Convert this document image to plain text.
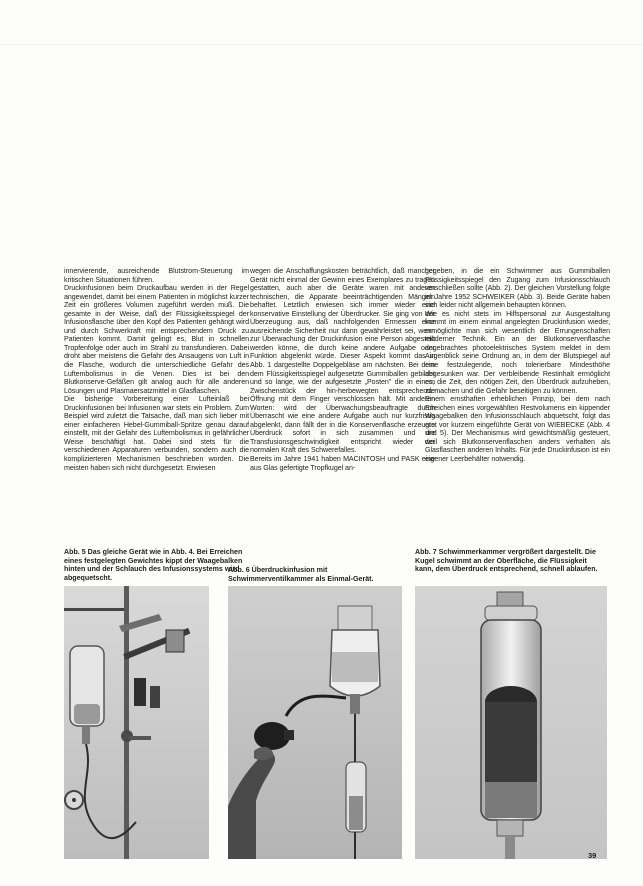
innervierende, ausreichende Blutstrom-Steuerung im kritischen Situationen führen.
Druckinfusionen beim Druckaufbau werden in der Regel angewendet, damit bei einem Patienten in möglichst kurzer Zeit ein größeres Volumen zugeführt werden muß. Die gesamte in der Weise, daß der Flüssigkeitsspiegel der Infusionsflasche über den Kopf des Patienten gehängt wird und durch Schwerkraft mit entsprechendem Druck zu Patienten kommt. Damit gelingt es, Blut in schnellen Tropfenfolge oder auch im Strahl zu transfundieren. Dabei droht aber meistens die Gefahr des Ansaugens von Luft in die Flasche, wodurch die unterschiedliche Gefahr des Luftembolismus in die Venen. Dies ist bei den Blutkonserve-Gefäßen gilt analog auch für alle anderen Lösungen und Plasmaersatzmittel in Glasflaschen.
Die bisherige Vorbereitung einer Lufteinlaß bei Druckinfusionen bei Infusionen war stets ein Problem. Zum Beispiel wird zuletzt die Tatsache, daß man sich lieber mit einer einfacheren Hebel-Gummiball-Spritze genau darauf einstellt, mit der Gefahr des Luftembolismus in gefährlicher Weise beschäftigt hat. Dabei sind stets für die verschiedenen Apparaturen verbunden, sondern auch die komplizierteren Mechanismen beschrieben worden. Die meisten haben sich nicht durchgesetzt. Erwiesen
wegen die Anschaffungskosten beträchtlich, daß mancher Gerät nicht einmal der Gewinn eines Exemplares zu tragen gestatten, auch aber die Geräte waren mit anderen technischen, die Apparate beeinträchtigenden Mängeln behaftet. Letztlich erwiesen sich immer wieder eine konservative Einstellung der Überdrucker. Sie ging von der Überzeugung aus, daß nachfolgenden Ermessen eine ausreichende Sicherheit nur dann gewährleistet sei, wenn zur Überwachung der Druckinfusion eine Person abgestellt werden könne, die durch keine andere Aufgabe oder Funktion abgelenkt würde. Dieser Aspekt kommt das in Abb. 1 dargestellte Doppelgebläse am nächsten. Bei dem dem Flüssigkeitsspiegel aufgesetzte Gummiballen gebildet und so lange, wie der aufgesetzte „Posten" die in einem Zwischenstück der hin-herbewegten entsprechende Öffnung mit dem Finger verschlossen hält. Mit anderen Worten: wird der Überwachungsbeauftragte durch Überrascht wie eine andere Aufgabe auch nur kurzfristig abgelenkt, dann fällt der in die Konservenflasche erzeugte Überdruck sofort in sich zusammen und die Transfusionsgeschwindigkeit entspricht wieder der normalen Kraft des Schwerefalles.
Bereits im Jahre 1941 haben MACINTOSH und PASK eine aus Glas gefertigte Tropfkugel an-
gegeben, in die ein Schwimmer aus Gummiballen Flüssigkeitsspiegel den Zugang zum Infusionsschlauch verschließen sollte (Abb. 2). Der gleichen Vorstellung folgte im Jahre 1952 SCHWEIKER (Abb. 3). Beide Geräte haben sich leider nicht allgemein behaupten können.
Wie es nicht stets im Hilfspersonal zur Ausgestaltung kommt im einem einmal angelegten Druckinfusion wieder, ermöglichte man sich wesentlich der Errungenschaften moderner Technik. Ein an der Blutkonservenflasche angebrachtes photoelektrisches System meldet in dem Augenblick seine Ordnung an, in dem der Blutspiegel auf eine festzulegende, noch tolerierbare Mindesthöhe abgesunken war. Der verbleibende Restinhalt ermöglicht es, die Zeit, den nötigen Zeit, den Überdruck aufzuheben, zu machen und die Gefahr beseitigen zu können.
Einem ernsthaften erheblichen Prinzip, bei dem nach Erreichen eines vorgewählten Restvolumens ein kippender Waagebalken den Infusionsschlauch abquetscht, folgt das erst vor kurzem eingeführte Gerät von WIEBECKE (Abb. 4 und 5). Der Mechanismus wird gewichtsmäßig gesteuert, weil sich Blutkonservenflaschen anders verhalten als Glasflaschen anderen Inhalts. Für jede Druckinfusion ist ein eigener Leerbehälter notwendig.
Abb. 5 Das gleiche Gerät wie in Abb. 4. Bei Erreichen eines festgelegten Gewichtes kippt der Waagebalken hinten und der Schlauch des Infusionssystems wird abgequetscht.
Abb. 6 Überdruckinfusion mit Schwimmerventilkammer als Einmal-Gerät.
Abb. 7 Schwimmerkammer vergrößert dargestellt. Die Kugel schwimmt an der Oberfläche, die Flüssigkeit kann, dem Überdruck entsprechend, schnell ablaufen.
39
